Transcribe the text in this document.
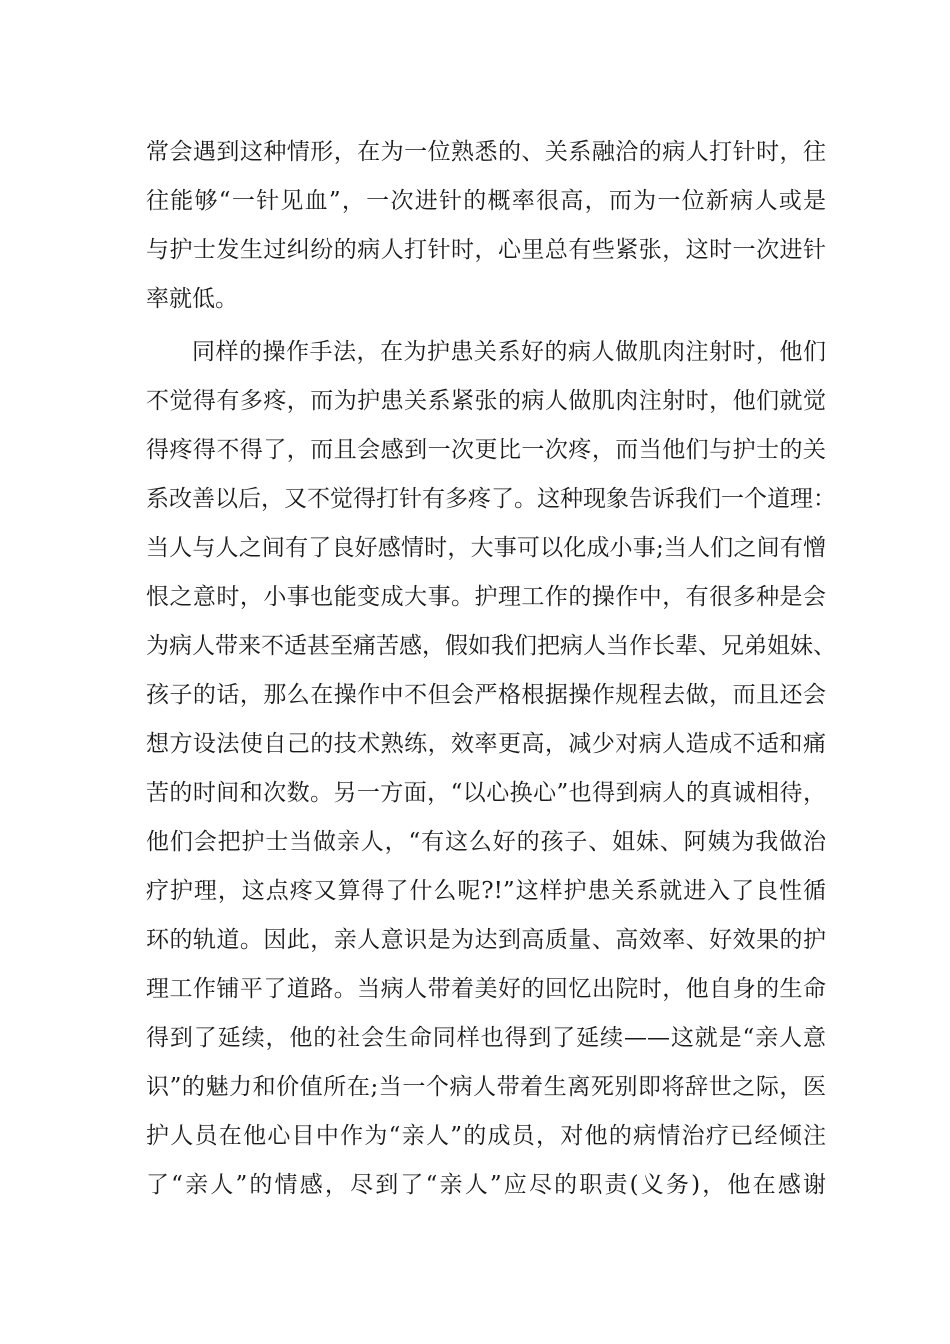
常会遇到这种情形，在为一位熟悉的、关系融洽的病人打针时，往
往能够“一针见血”，一次进针的概率很高，而为一位新病人或是
与护士发生过纠纷的病人打针时，心里总有些紧张，这时一次进针
率就低。
同样的操作手法，在为护患关系好的病人做肌肉注射时，他们
不觉得有多疼，而为护患关系紧张的病人做肌肉注射时，他们就觉
得疼得不得了，而且会感到一次更比一次疼，而当他们与护士的关
系改善以后，又不觉得打针有多疼了。这种现象告诉我们一个道理：
当人与人之间有了良好感情时，大事可以化成小事;当人们之间有憎
恨之意时，小事也能变成大事。护理工作的操作中，有很多种是会
为病人带来不适甚至痛苦感，假如我们把病人当作长辈、兄弟姐妹、
孩子的话，那么在操作中不但会严格根据操作规程去做，而且还会
想方设法使自己的技术熟练，效率更高，减少对病人造成不适和痛
苦的时间和次数。另一方面，“以心换心”也得到病人的真诚相待，
他们会把护士当做亲人，“有这么好的孩子、姐妹、阿姨为我做治
疗护理，这点疼又算得了什么呢?!”这样护患关系就进入了良性循
环的轨道。因此，亲人意识是为达到高质量、高效率、好效果的护
理工作铺平了道路。当病人带着美好的回忆出院时，他自身的生命
得到了延续，他的社会生命同样也得到了延续——这就是“亲人意
识”的魅力和价值所在;当一个病人带着生离死别即将辞世之际，医
护人员在他心目中作为“亲人”的成员，对他的病情治疗已经倾注
了“亲人”的情感，尽到了“亲人”应尽的职责(义务)，他在感谢
